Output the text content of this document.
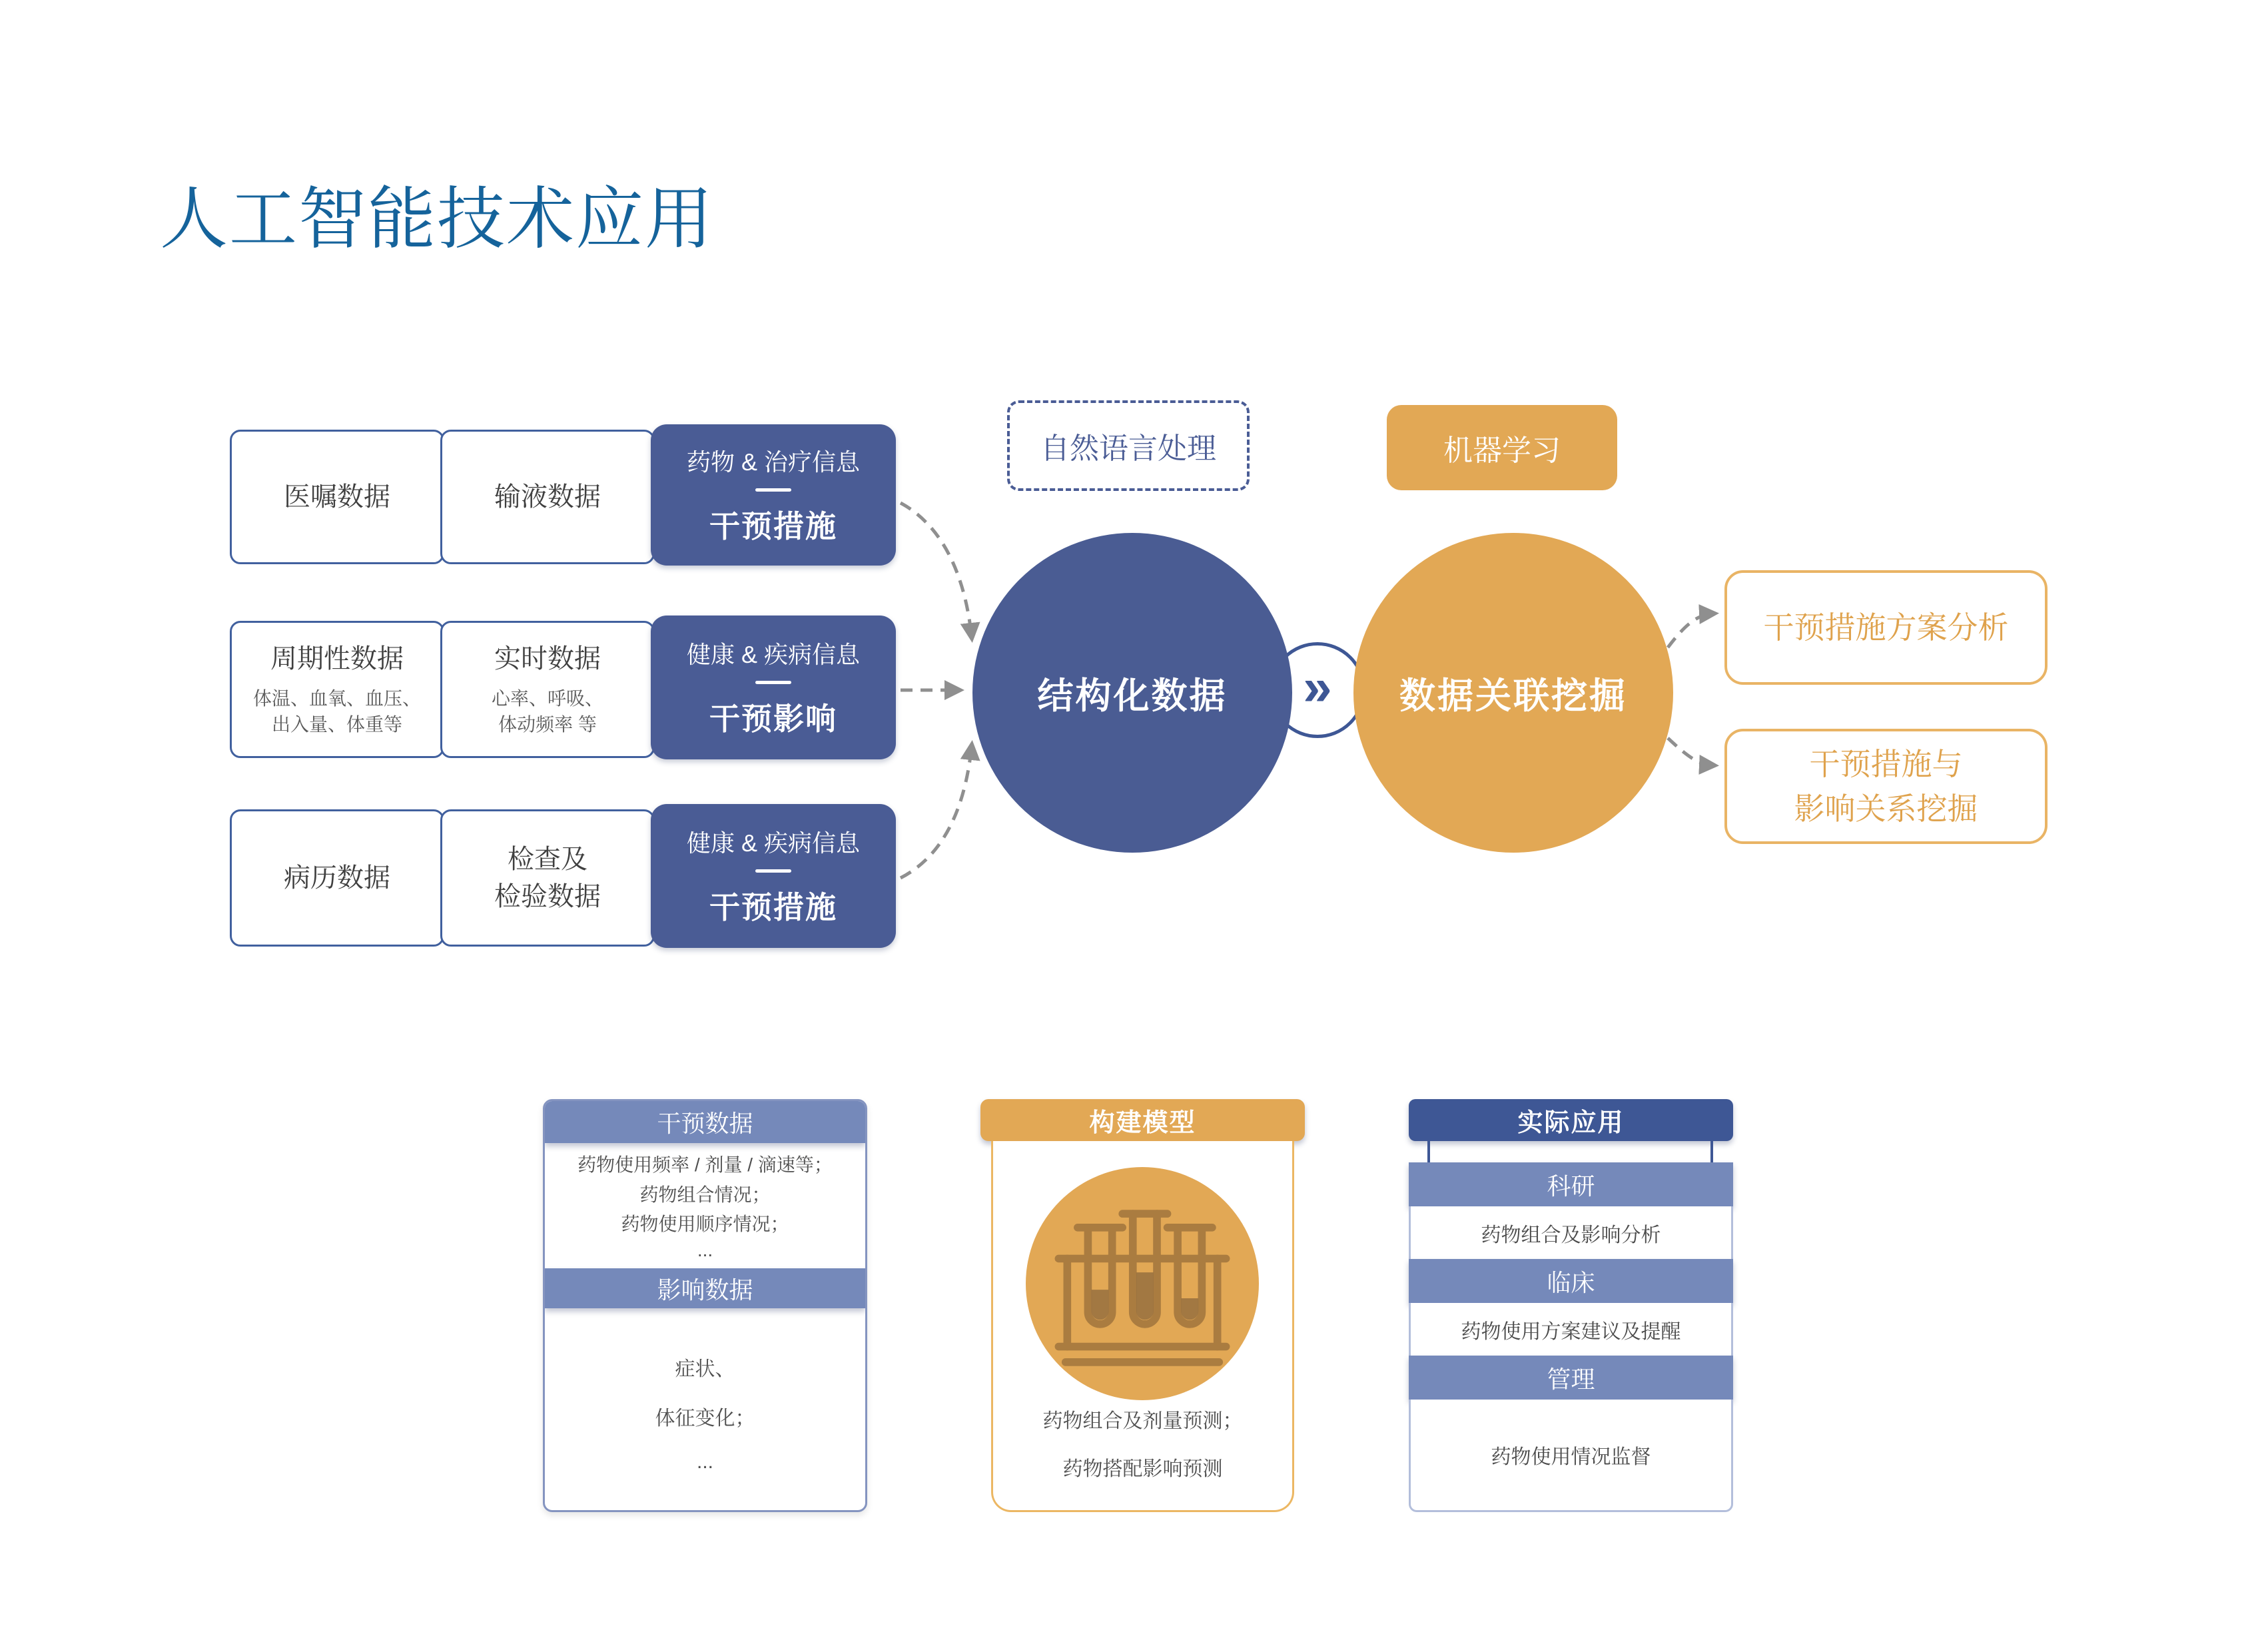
人工智能技术应用
医嘱数据	输液数据
药物 & 治疗信息
干预措施
周期性数据
体温、血氧、血压、
出入量、体重等
实时数据
心率、呼吸、
体动频率 等
健康 & 疾病信息
干预影响
病历数据
检查及
检验数据
健康 & 疾病信息
干预措施
自然语言处理	机器学习
»
结构化数据	数据关联挖掘
干预措施方案分析
干预措施与
影响关系挖掘
干预数据
药物使用频率 / 剂量 / 滴速等；
药物组合情况；
药物使用顺序情况；
...
影响数据
症状、
体征变化；
...
构建模型
药物组合及剂量预测；
药物搭配影响预测
实际应用
科研
药物组合及影响分析
临床
药物使用方案建议及提醒
管理
药物使用情况监督
